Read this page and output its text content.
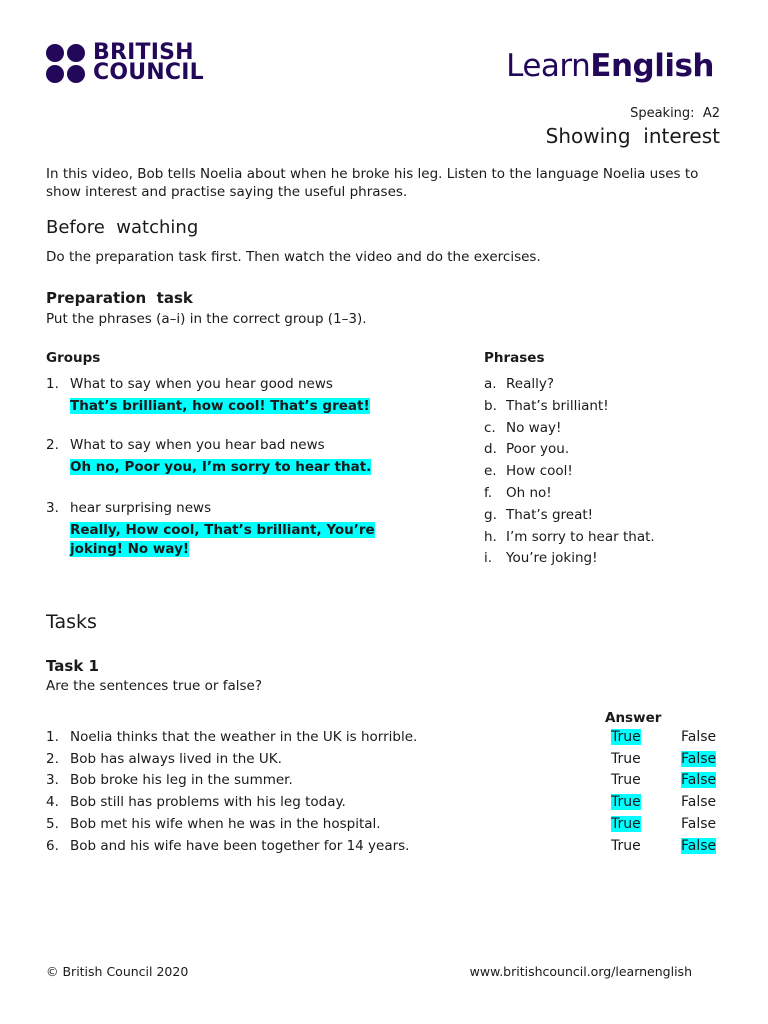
BRITISH
COUNCIL	LearnEnglish
Speaking:  A2
Showing  interest
In this video, Bob tells Noelia about when he broke his leg. Listen to the language Noelia uses to show interest and practise saying the useful phrases.
Before  watching
Do the preparation task first. Then watch the video and do the exercises.
Preparation  task
Put the phrases (a–i) in the correct group (1–3).
Groups	Phrases
1. What to say when you hear good news
That’s brilliant, how cool! That’s great!
2. What to say when you hear bad news
Oh no, Poor you, I’m sorry to hear that.
3. hear surprising news
Really, How cool, That’s brilliant, You’re
joking! No way!
a. Really?
b. That’s brilliant!
c. No way!
d. Poor you.
e. How cool!
f. Oh no!
g. That’s great!
h. I’m sorry to hear that.
i. You’re joking!
Tasks
Task 1
Are the sentences true or false?
Answer
1. Noelia thinks that the weather in the UK is horrible.	True	False
2. Bob has always lived in the UK.	True	False
3. Bob broke his leg in the summer.	True	False
4. Bob still has problems with his leg today.	True	False
5. Bob met his wife when he was in the hospital.	True	False
6. Bob and his wife have been together for 14 years.	True	False
© British Council 2020	www.britishcouncil.org/learnenglish
